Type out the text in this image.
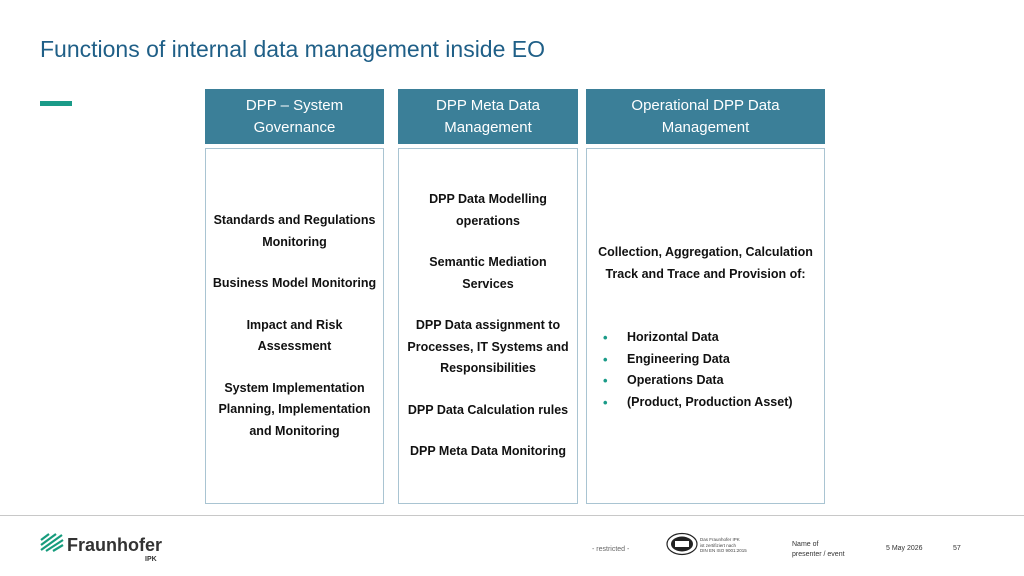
Functions of internal data management inside EO
DPP – System Governance
Standards and Regulations Monitoring
Business Model Monitoring
Impact and Risk Assessment
System Implementation Planning, Implementation and Monitoring
DPP Meta Data Management
DPP Data Modelling operations
Semantic Mediation Services
DPP Data assignment to Processes, IT Systems and Responsibilities
DPP Data Calculation rules
DPP Meta Data Monitoring
Operational DPP Data Management
Collection, Aggregation, Calculation
Track and Trace and Provision of:
• Horizontal Data
• Engineering Data
• Operations Data
• (Product, Production Asset)
Fraunhofer
IPK
- restricted -
Das Fraunhofer IPK
ist zertifiziert nach
DIN EN ISO 9001:2015
Name of
presenter / event
5 May 2026	57
